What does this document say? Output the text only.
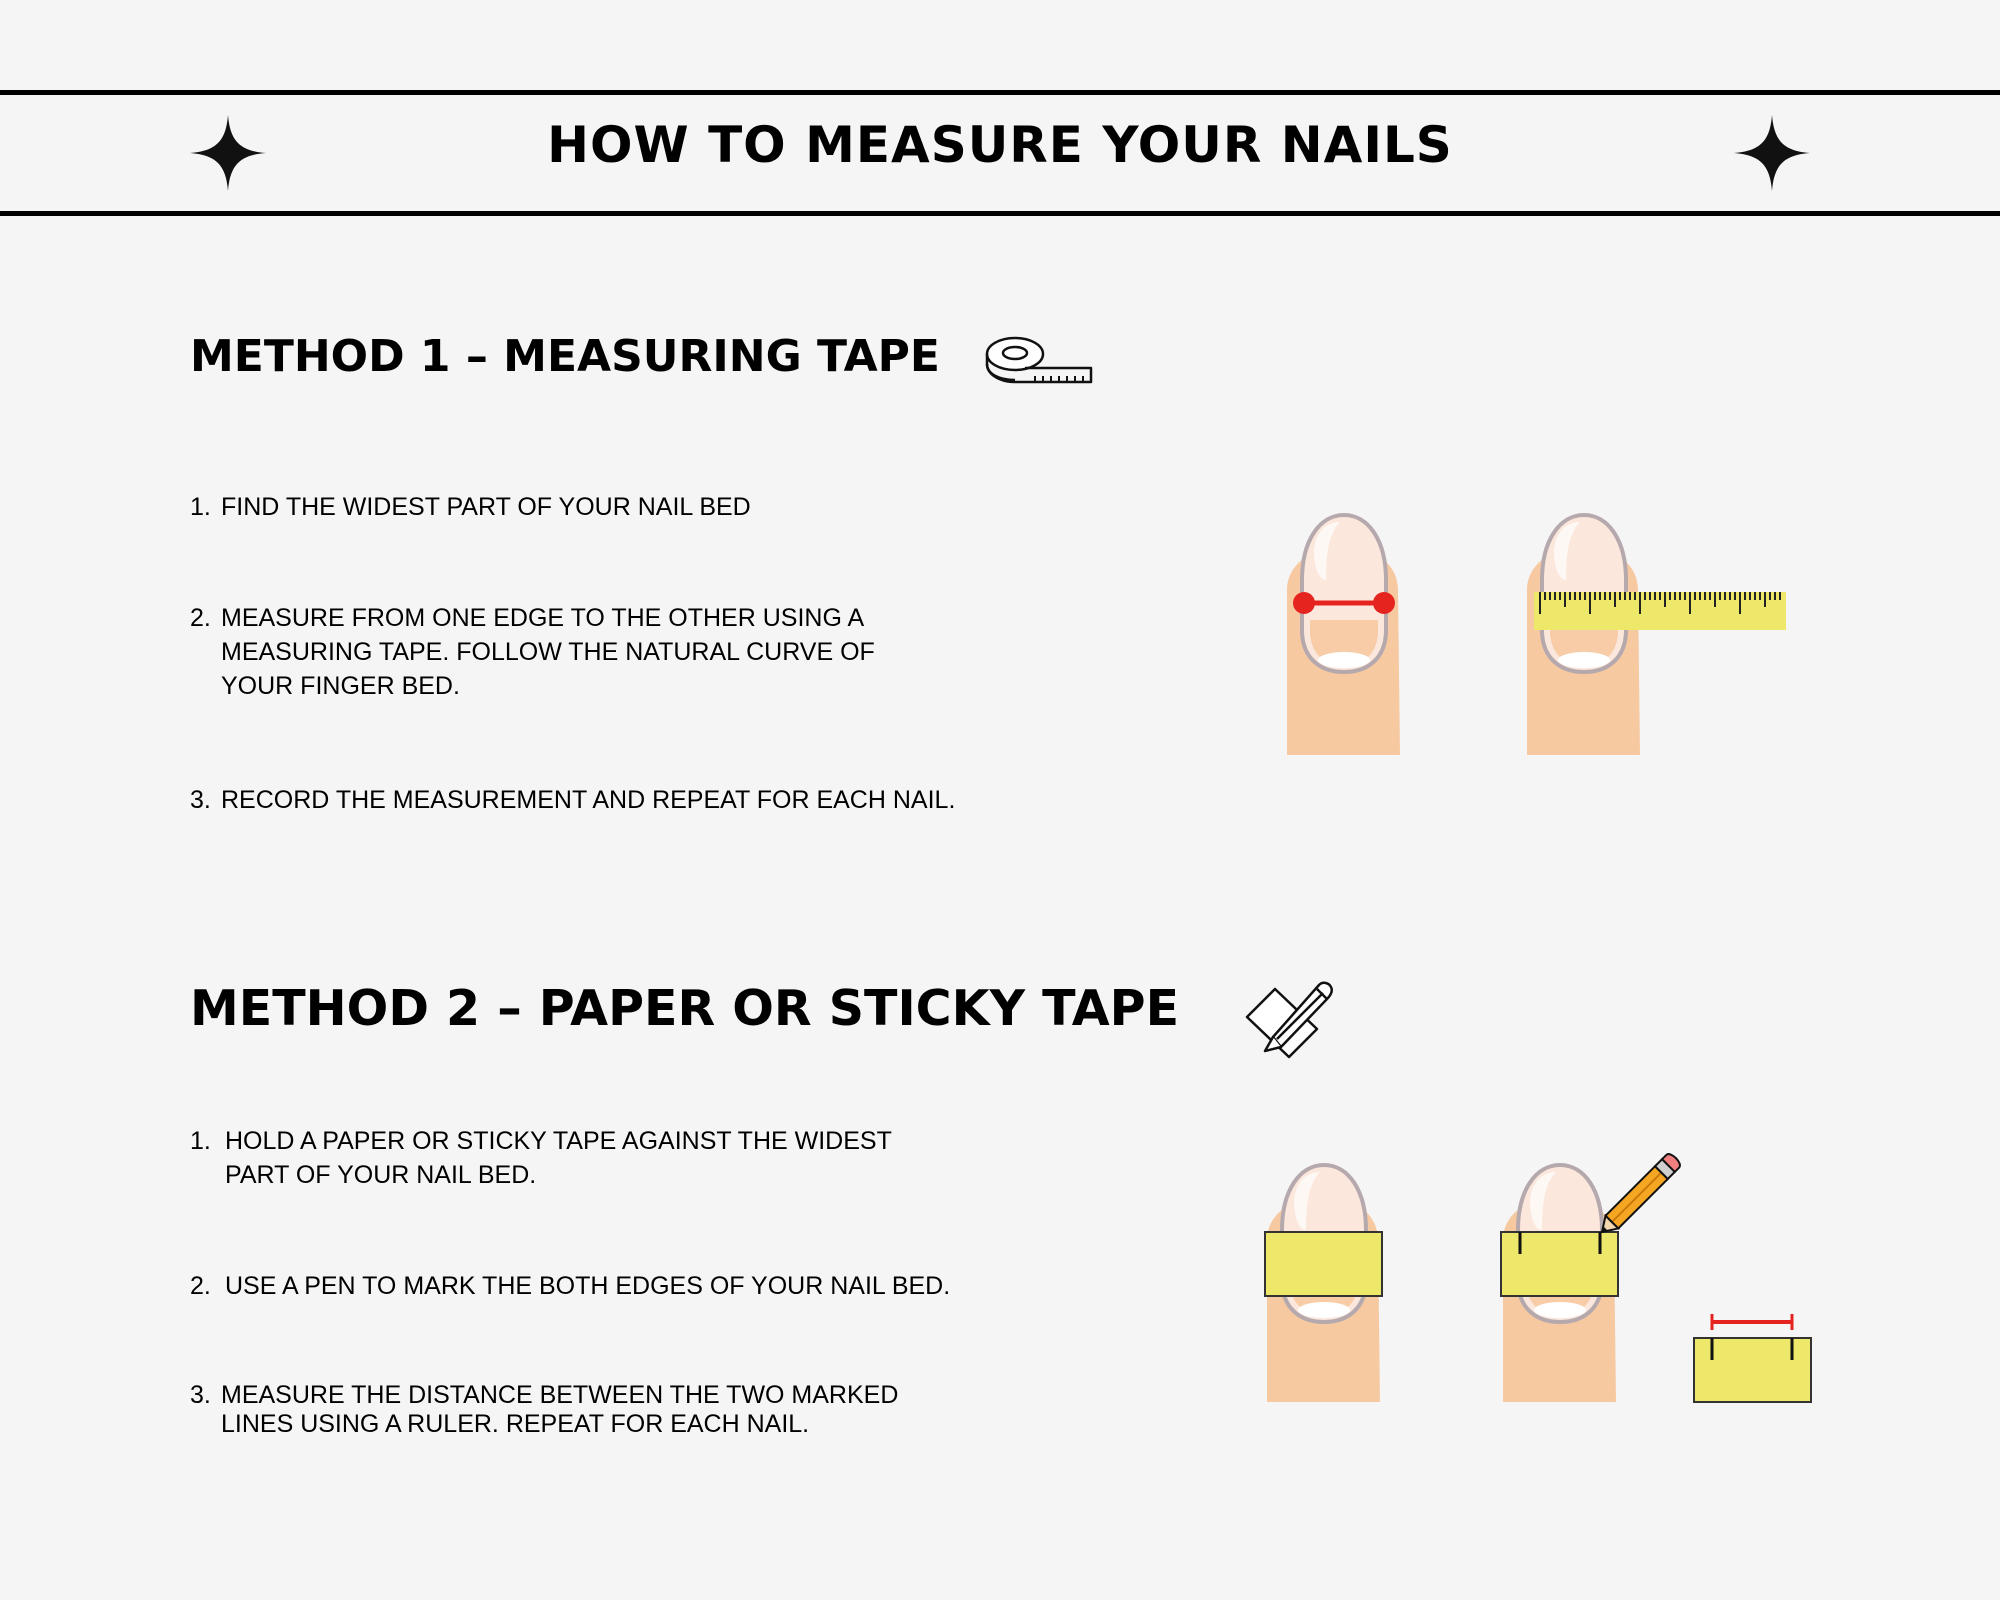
HOW TO MEASURE YOUR NAILS
METHOD 1 – MEASURING TAPE
1. FIND THE WIDEST PART OF YOUR NAIL BED
2. MEASURE FROM ONE EDGE TO THE OTHER USING A
MEASURING TAPE. FOLLOW THE NATURAL CURVE OF
YOUR FINGER BED.
3. RECORD THE MEASUREMENT AND REPEAT FOR EACH NAIL.
METHOD 2 – PAPER OR STICKY TAPE
1. HOLD A PAPER OR STICKY TAPE AGAINST THE WIDEST
PART OF YOUR NAIL BED.
2. USE A PEN TO MARK THE BOTH EDGES OF YOUR NAIL BED.
3. MEASURE THE DISTANCE BETWEEN THE TWO MARKED
LINES USING A RULER. REPEAT FOR EACH NAIL.
